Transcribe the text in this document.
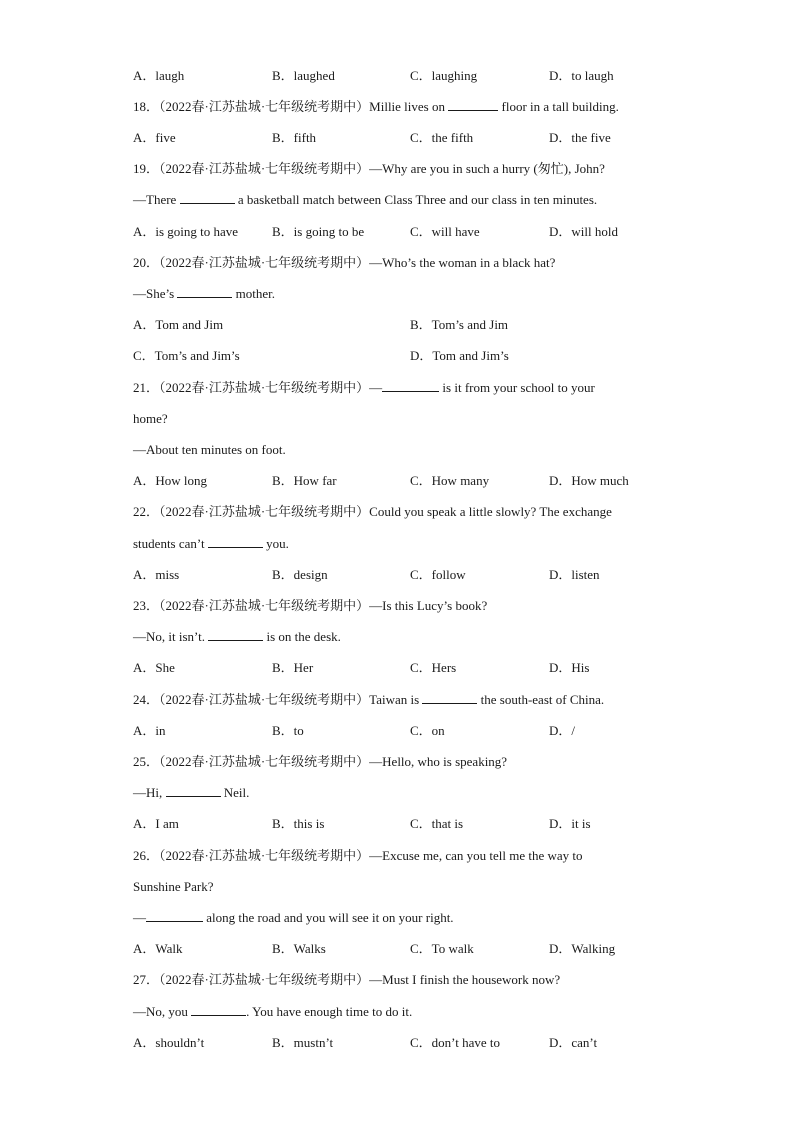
A．laugh	B．laughed	C．laughing	D．to laugh
18．（2022春·江苏盐城·七年级统考期中）Millie lives on	floor in a tall building.
A．five	B．fifth	C．the fifth	D．the five
19．（2022春·江苏盐城·七年级统考期中）—Why are you in such a hurry (匆忙), John?
—There	a basketball match between Class Three and our class in ten minutes.
A．is going to have	B．is going to be	C．will have	D．will hold
20．（2022春·江苏盐城·七年级统考期中）—Who’s the woman in a black hat?
—She’s	mother.
A．Tom and Jim	B．Tom’s and Jim
C．Tom’s and Jim’s	D．Tom and Jim’s
21．（2022春·江苏盐城·七年级统考期中）—	is it from your school to your
home?
—About ten minutes on foot.
A．How long	B．How far	C．How many	D．How much
22．（2022春·江苏盐城·七年级统考期中）Could you speak a little slowly? The exchange
students can’t	you.
A．miss	B．design	C．follow	D．listen
23．（2022春·江苏盐城·七年级统考期中）—Is this Lucy’s book?
—No, it isn’t.	is on the desk.
A．She	B．Her	C．Hers	D．His
24．（2022春·江苏盐城·七年级统考期中）Taiwan is	the south-east of China.
A．in	B．to	C．on	D．/
25．（2022春·江苏盐城·七年级统考期中）—Hello, who is speaking?
—Hi,	Neil.
A．I am	B．this is	C．that is	D．it is
26．（2022春·江苏盐城·七年级统考期中）—Excuse me, can you tell me the way to
Sunshine Park?
—	along the road and you will see it on your right.
A．Walk	B．Walks	C．To walk	D．Walking
27．（2022春·江苏盐城·七年级统考期中）—Must I finish the housework now?
—No, you	. You have enough time to do it.
A．shouldn’t	B．mustn’t	C．don’t have to	D．can’t
